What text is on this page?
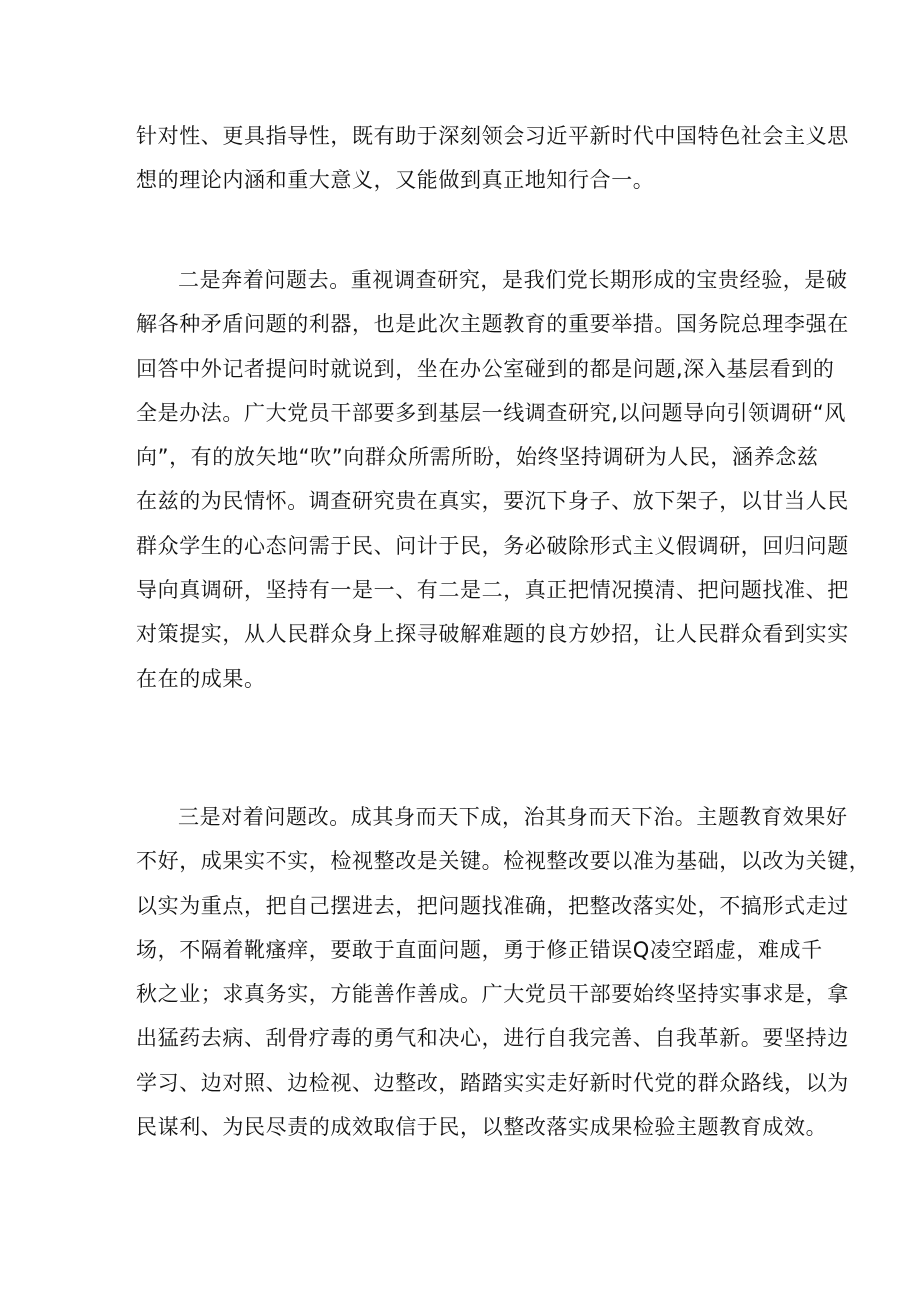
针对性、更具指导性，既有助于深刻领会习近平新时代中国特色社会主义思
想的理论内涵和重大意义，又能做到真正地知行合一。
二是奔着问题去。重视调查研究，是我们党长期形成的宝贵经验，是破
解各种矛盾问题的利器，也是此次主题教育的重要举措。国务院总理李强在
回答中外记者提问时就说到，坐在办公室碰到的都是问题,深入基层看到的
全是办法。广大党员干部要多到基层一线调查研究,以问题导向引领调研“风
向”，有的放矢地“吹”向群众所需所盼，始终坚持调研为人民，涵养念兹
在兹的为民情怀。调查研究贵在真实，要沉下身子、放下架子，以甘当人民
群众学生的心态问需于民、问计于民，务必破除形式主义假调研，回归问题
导向真调研，坚持有一是一、有二是二，真正把情况摸清、把问题找准、把
对策提实，从人民群众身上探寻破解难题的良方妙招，让人民群众看到实实
在在的成果。
三是对着问题改。成其身而天下成，治其身而天下治。主题教育效果好
不好，成果实不实，检视整改是关键。检视整改要以准为基础，以改为关键，
以实为重点，把自己摆进去，把问题找准确，把整改落实处，不搞形式走过
场，不隔着靴瘙痒，要敢于直面问题，勇于修正错误Q凌空蹈虚，难成千
秋之业；求真务实，方能善作善成。广大党员干部要始终坚持实事求是，拿
出猛药去病、刮骨疗毒的勇气和决心，进行自我完善、自我革新。要坚持边
学习、边对照、边检视、边整改，踏踏实实走好新时代党的群众路线，以为
民谋利、为民尽责的成效取信于民，以整改落实成果检验主题教育成效。
